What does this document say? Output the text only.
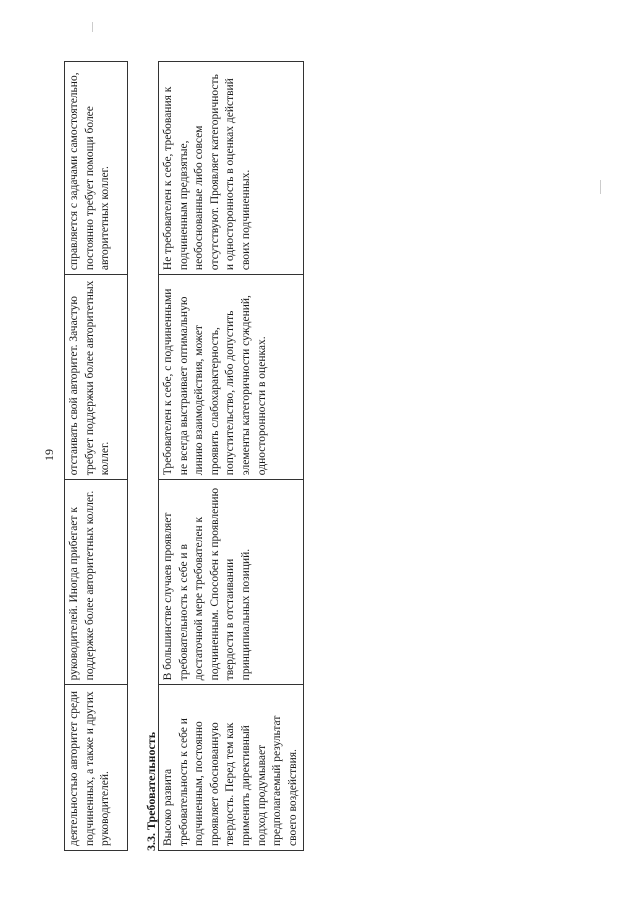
19
деятельностью авторитет среди подчиненных, а также и других руководителей.	руководителей. Иногда прибегает к поддержке более авторитетных коллег.	отстаивать свой авторитет. Зачастую требует поддержки более авторитетных коллег.	справляется с задачами самостоятельно, постоянно требует помощи более авторитетных коллег.
3.3. Требовательность Высоко развита требовательность к себе и подчиненным, постоянно проявляет обоснованную твердость. Перед тем как применить директивный подход продумывает предполагаемый результат своего воздействия.	В большинстве случаев проявляет требовательность к себе и в достаточной мере требователен к подчиненным. Способен к проявлению твердости в отстаивании принципиальных позиций.	Требователен к себе, с подчиненными не всегда выстраивает оптимальную линию взаимодействия, может проявить слабохарактерность, попустительство, либо допустить элементы категоричности суждений, односторонности в оценках.	Не требователен к себе, требования к подчиненным предвзятые, необоснованные либо совсем отсутствуют. Проявляет категоричность и односторонность в оценках действий своих подчиненных.
